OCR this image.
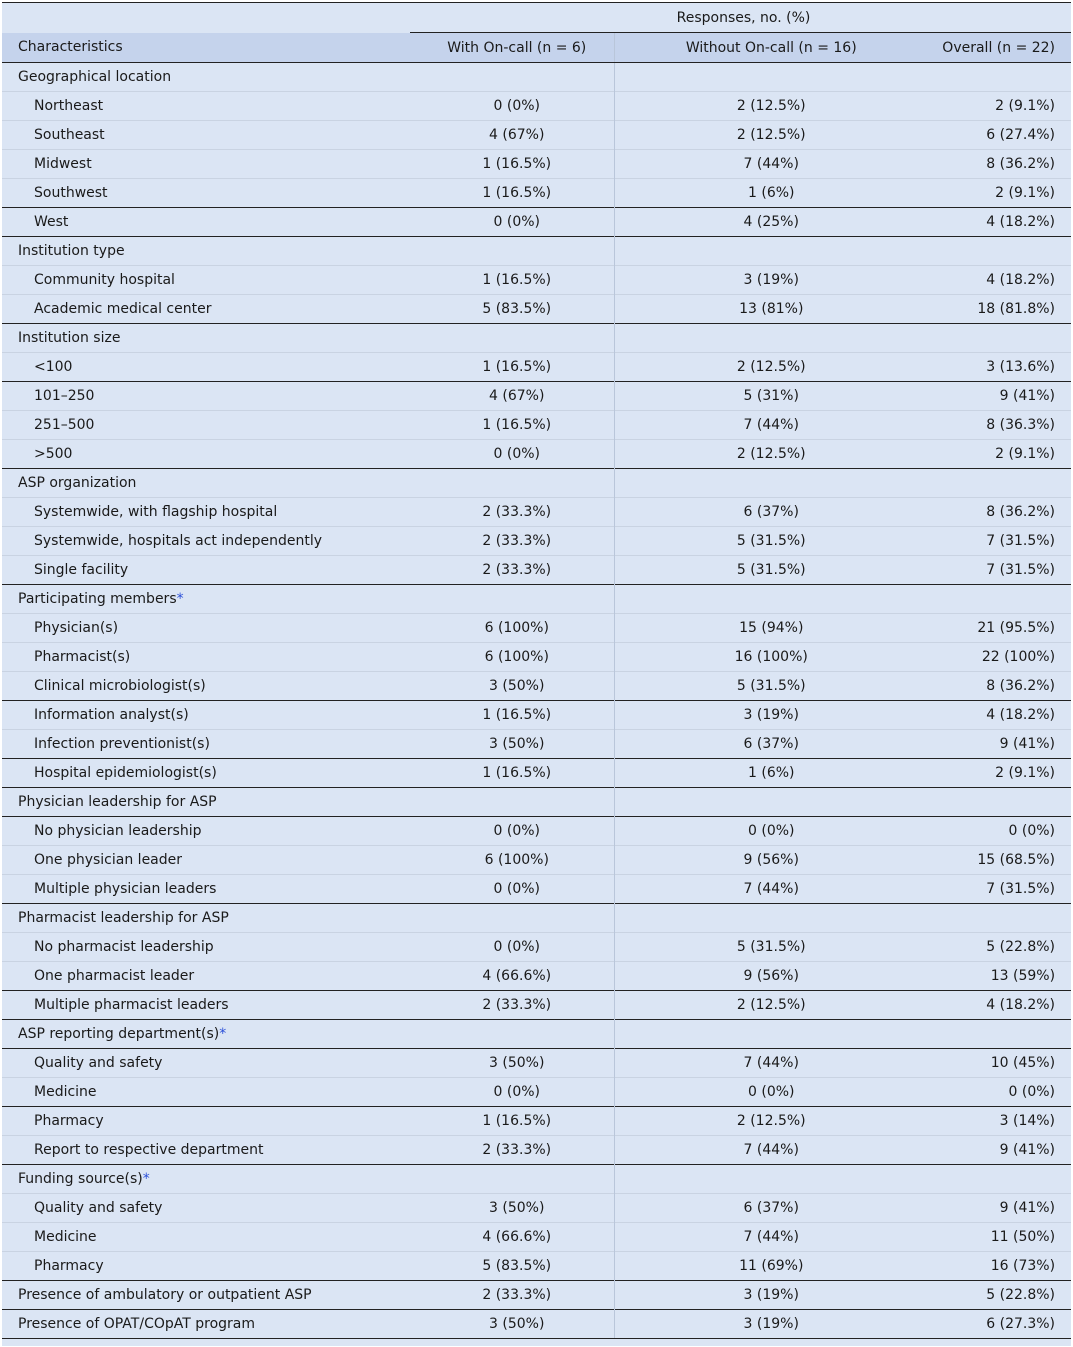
	Responses, no. (%)		
Characteristics	With On-call (n = 6)	Without On-call (n = 16)	Overall (n = 22)
Geographical location			
Northeast	0 (0%)	2 (12.5%)	2 (9.1%)
Southeast	4 (67%)	2 (12.5%)	6 (27.4%)
Midwest	1 (16.5%)	7 (44%)	8 (36.2%)
Southwest	1 (16.5%)	1 (6%)	2 (9.1%)
West	0 (0%)	4 (25%)	4 (18.2%)
Institution type			
Community hospital	1 (16.5%)	3 (19%)	4 (18.2%)
Academic medical center	5 (83.5%)	13 (81%)	18 (81.8%)
Institution size			
<100	1 (16.5%)	2 (12.5%)	3 (13.6%)
101–250	4 (67%)	5 (31%)	9 (41%)
251–500	1 (16.5%)	7 (44%)	8 (36.3%)
>500	0 (0%)	2 (12.5%)	2 (9.1%)
ASP organization			
Systemwide, with flagship hospital	2 (33.3%)	6 (37%)	8 (36.2%)
Systemwide, hospitals act independently	2 (33.3%)	5 (31.5%)	7 (31.5%)
Single facility	2 (33.3%)	5 (31.5%)	7 (31.5%)
Participating members*			
Physician(s)	6 (100%)	15 (94%)	21 (95.5%)
Pharmacist(s)	6 (100%)	16 (100%)	22 (100%)
Clinical microbiologist(s)	3 (50%)	5 (31.5%)	8 (36.2%)
Information analyst(s)	1 (16.5%)	3 (19%)	4 (18.2%)
Infection preventionist(s)	3 (50%)	6 (37%)	9 (41%)
Hospital epidemiologist(s)	1 (16.5%)	1 (6%)	2 (9.1%)
Physician leadership for ASP			
No physician leadership	0 (0%)	0 (0%)	0 (0%)
One physician leader	6 (100%)	9 (56%)	15 (68.5%)
Multiple physician leaders	0 (0%)	7 (44%)	7 (31.5%)
Pharmacist leadership for ASP			
No pharmacist leadership	0 (0%)	5 (31.5%)	5 (22.8%)
One pharmacist leader	4 (66.6%)	9 (56%)	13 (59%)
Multiple pharmacist leaders	2 (33.3%)	2 (12.5%)	4 (18.2%)
ASP reporting department(s)*			
Quality and safety	3 (50%)	7 (44%)	10 (45%)
Medicine	0 (0%)	0 (0%)	0 (0%)
Pharmacy	1 (16.5%)	2 (12.5%)	3 (14%)
Report to respective department	2 (33.3%)	7 (44%)	9 (41%)
Funding source(s)*			
Quality and safety	3 (50%)	6 (37%)	9 (41%)
Medicine	4 (66.6%)	7 (44%)	11 (50%)
Pharmacy	5 (83.5%)	11 (69%)	16 (73%)
Presence of ambulatory or outpatient ASP	2 (33.3%)	3 (19%)	5 (22.8%)
Presence of OPAT/COpAT program	3 (50%)	3 (19%)	6 (27.3%)
